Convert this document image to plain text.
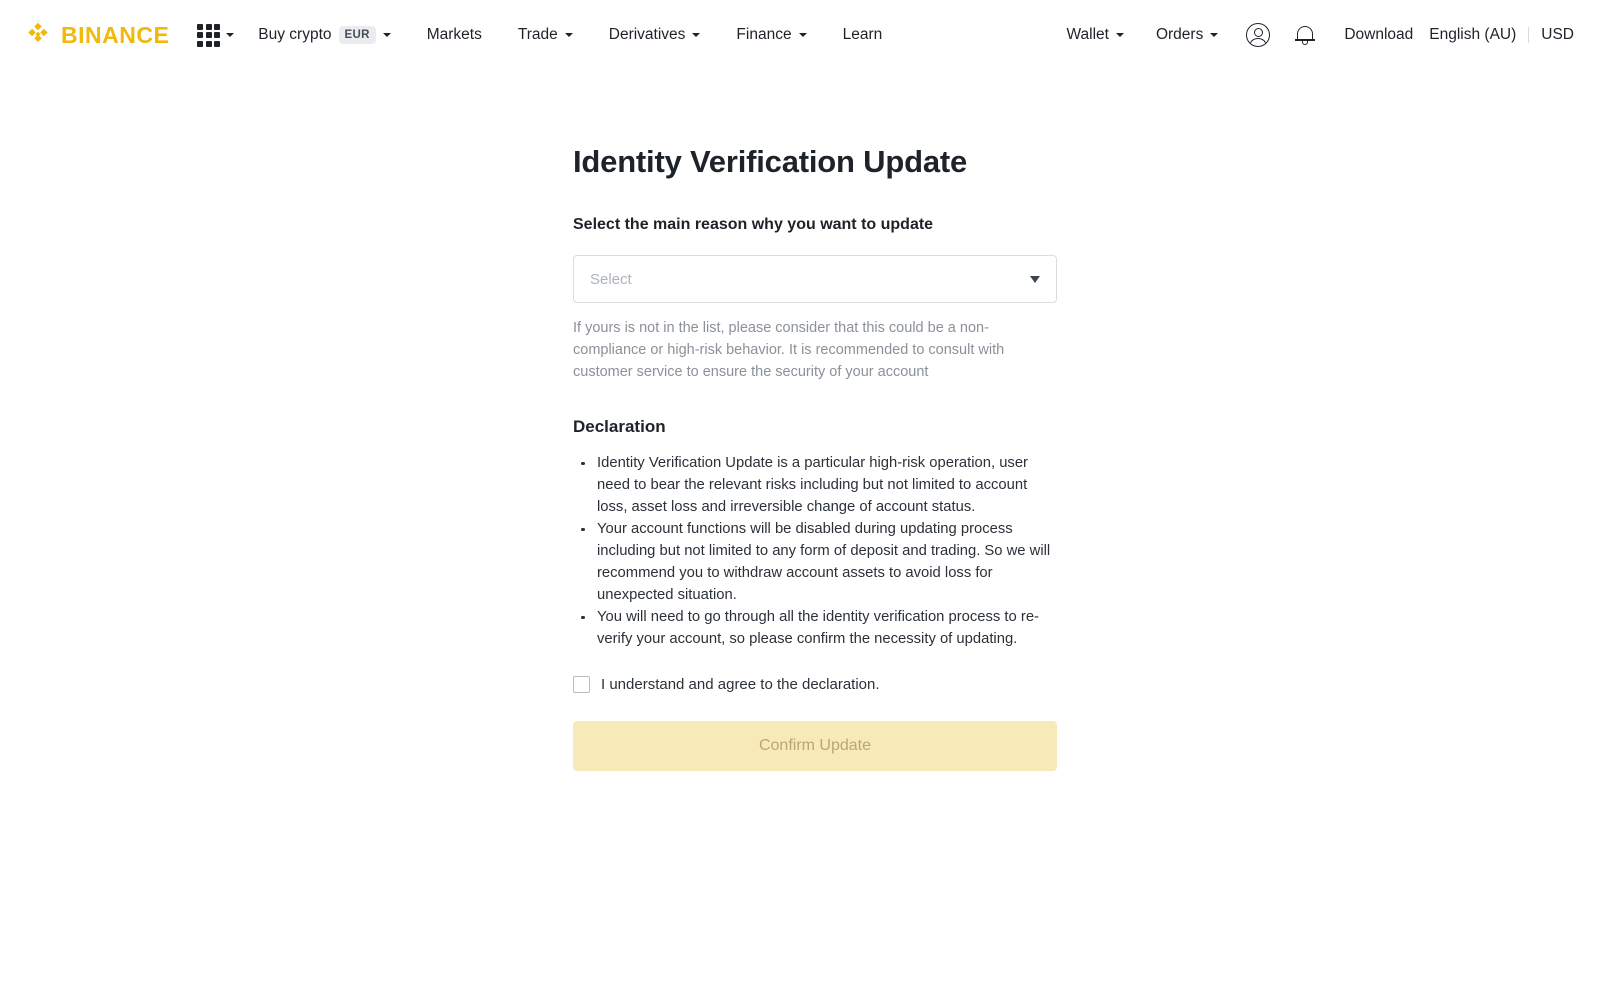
BINANCE	Buy crypto	EUR	Markets Trade	Derivatives	Finance	Learn	Wallet	Orders	Download English (AU) USD
Identity Verification Update
Select the main reason why you want to update
Select
If yours is not in the list, please consider that this could be a non-compliance or high-risk behavior. It is recommended to consult with customer service to ensure the security of your account
Declaration
Identity Verification Update is a particular high-risk operation, user need to bear the relevant risks including but not limited to account loss, asset loss and irreversible change of account status.
Your account functions will be disabled during updating process including but not limited to any form of deposit and trading. So we will recommend you to withdraw account assets to avoid loss for unexpected situation.
You will need to go through all the identity verification process to re-verify your account, so please confirm the necessity of updating.
I understand and agree to the declaration.
Confirm Update
